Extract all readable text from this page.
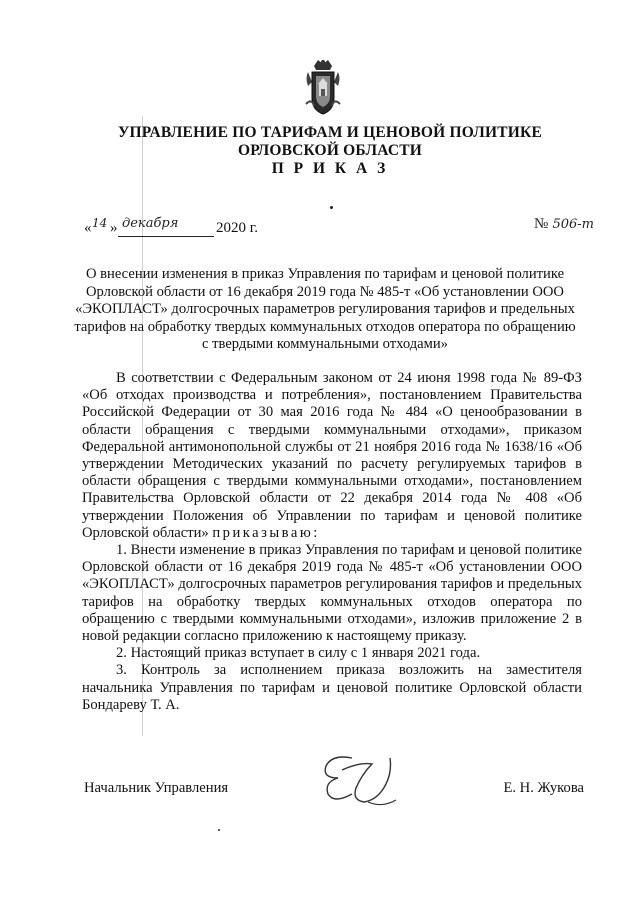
УПРАВЛЕНИЕ ПО ТАРИФАМ И ЦЕНОВОЙ ПОЛИТИКЕ
ОРЛОВСКОЙ ОБЛАСТИ
П Р И К А З
« 14 » декабря	2020 г.	№ 506-т
О внесении изменения в приказ Управления по тарифам и ценовой политике Орловской области от 16 декабря 2019 года № 485-т «Об установлении ООО «ЭКОПЛАСТ» долгосрочных параметров регулирования тарифов и предельных тарифов на обработку твердых коммунальных отходов оператора по обращению с твердыми коммунальными отходами»

В соответствии с Федеральным законом от 24 июня 1998 года № 89-ФЗ «Об отходах производства и потребления», постановлением Правительства Российской Федерации от 30 мая 2016 года № 484 «О ценообразовании в области обращения с твердыми коммунальными отходами», приказом Федеральной антимонопольной службы от 21 ноября 2016 года № 1638/16 «Об утверждении Методических указаний по расчету регулируемых тарифов в области обращения с твердыми коммунальными отходами», постановлением Правительства Орловской области от 22 декабря 2014 года № 408 «Об утверждении Положения об Управлении по тарифам и ценовой политике Орловской области» приказываю:

1. Внести изменение в приказ Управления по тарифам и ценовой политике Орловской области от 16 декабря 2019 года № 485-т «Об установлении ООО «ЭКОПЛАСТ» долгосрочных параметров регулирования тарифов и предельных тарифов на обработку твердых коммунальных отходов оператора по обращению с твердыми коммунальными отходами», изложив приложение 2 в новой редакции согласно приложению к настоящему приказу.

2. Настоящий приказ вступает в силу с 1 января 2021 года.

3. Контроль за исполнением приказа возложить на заместителя начальника Управления по тарифам и ценовой политике Орловской области Бондареву Т. А.

Начальник Управления	Е. Н. Жукова
